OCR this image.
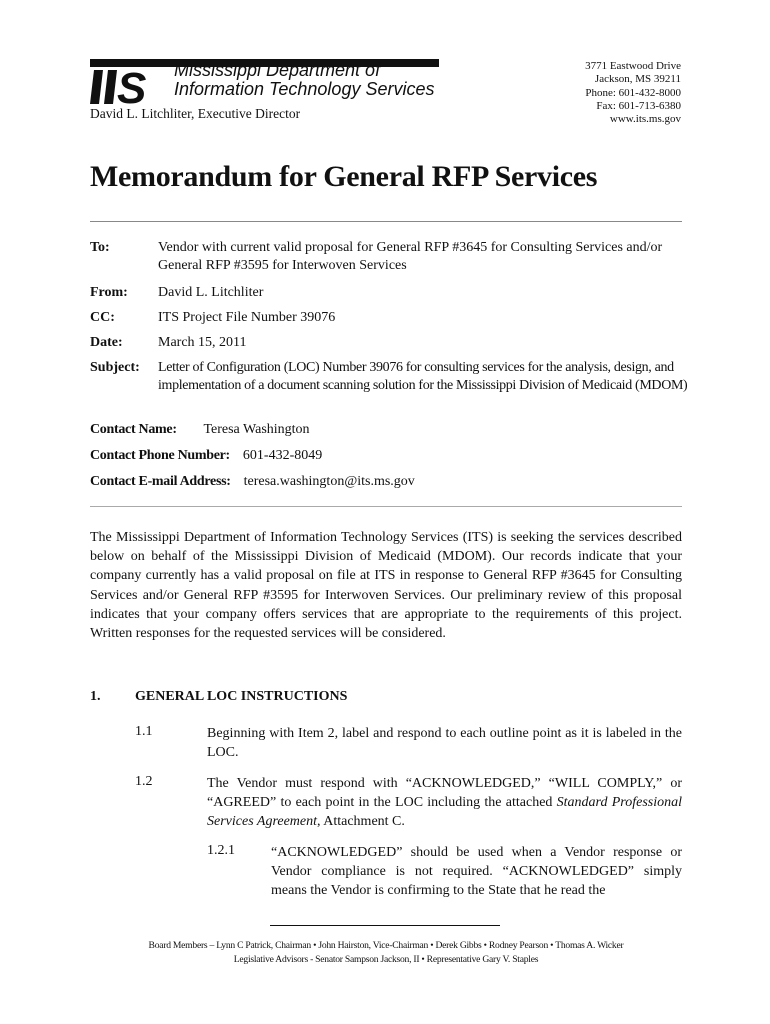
S Mississippi Department of
Information Technology Services
David L. Litchliter, Executive Director
3771 Eastwood Drive
Jackson, MS 39211
Phone: 601-432-8000
Fax: 601-713-6380
www.its.ms.gov
Memorandum for General RFP Services
To:	Vendor with current valid proposal for General RFP #3645 for Consulting Services and/or General RFP #3595 for Interwoven Services
From: David L. Litchliter
CC:	ITS Project File Number 39076
Date:	March 15, 2011
Subject: Letter of Configuration (LOC) Number 39076 for consulting services for the analysis, design, and implementation of a document scanning solution for the Mississippi Division of Medicaid (MDOM)
Contact Name: Teresa Washington
Contact Phone Number: 601-432-8049
Contact E-mail Address: teresa.washington@its.ms.gov
The Mississippi Department of Information Technology Services (ITS) is seeking the services described below on behalf of the Mississippi Division of Medicaid (MDOM). Our records indicate that your company currently has a valid proposal on file at ITS in response to General RFP #3645 for Consulting Services and/or General RFP #3595 for Interwoven Services. Our preliminary review of this proposal indicates that your company offers services that are appropriate to the requirements of this project. Written responses for the requested services will be considered.
1. GENERAL LOC INSTRUCTIONS
1.1	Beginning with Item 2, label and respond to each outline point as it is labeled in the LOC.
1.2	The Vendor must respond with “ACKNOWLEDGED,” “WILL COMPLY,” or “AGREED” to each point in the LOC including the attached Standard Professional Services Agreement, Attachment C.
1.2.1	“ACKNOWLEDGED” should be used when a Vendor response or Vendor compliance is not required. “ACKNOWLEDGED” simply means the Vendor is confirming to the State that he read the
Board Members – Lynn C Patrick, Chairman • John Hairston, Vice-Chairman • Derek Gibbs • Rodney Pearson • Thomas A. Wicker
Legislative Advisors - Senator Sampson Jackson, II • Representative Gary V. Staples
